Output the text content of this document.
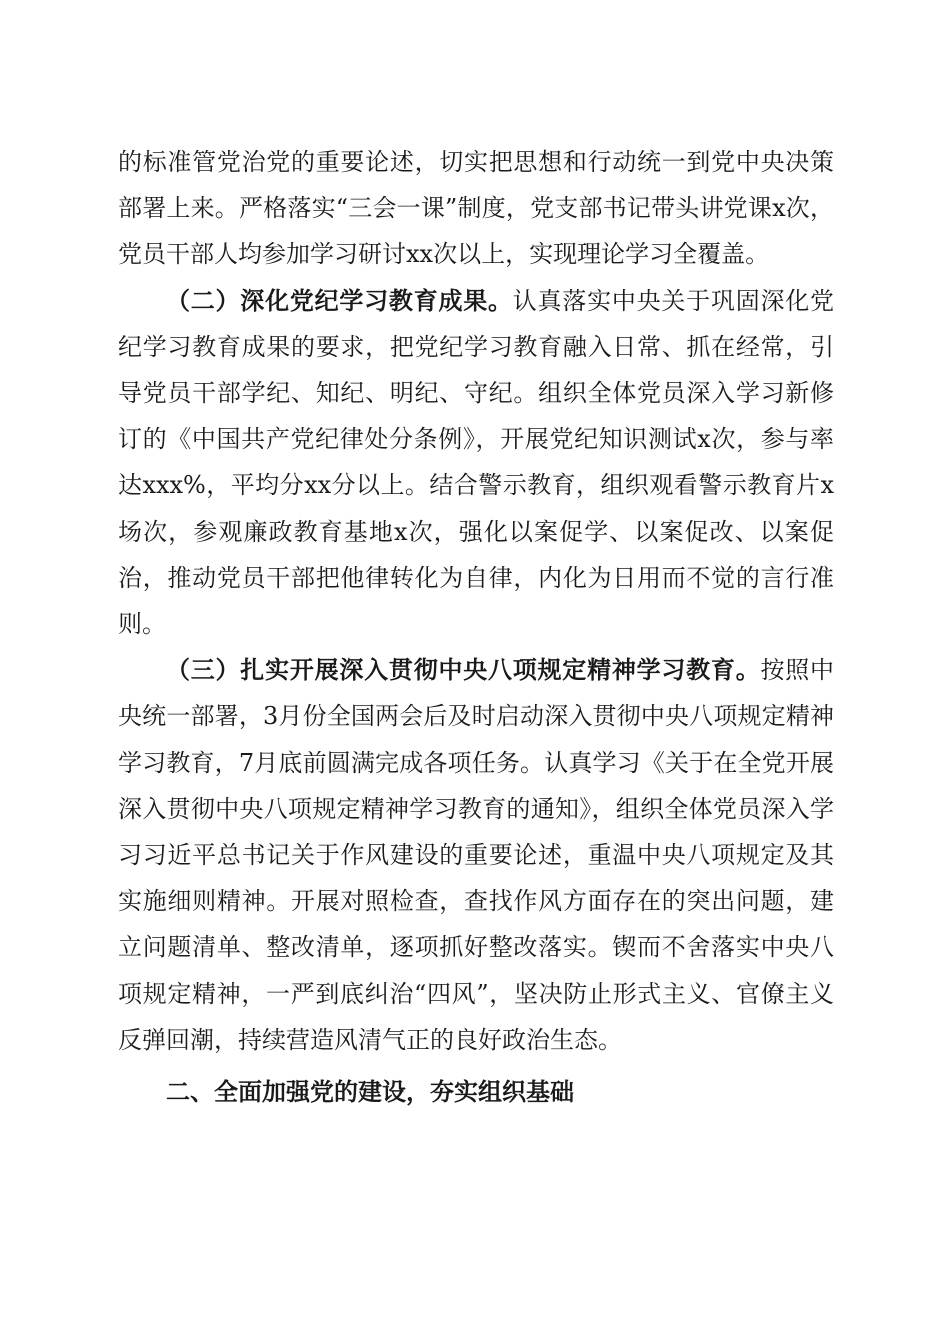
的标准管党治党的重要论述，切实把思想和行动统一到党中央决策部署上来。严格落实“三会一课”制度，党支部书记带头讲党课x次，党员干部人均参加学习研讨xx次以上，实现理论学习全覆盖。

（二）深化党纪学习教育成果。认真落实中央关于巩固深化党纪学习教育成果的要求，把党纪学习教育融入日常、抓在经常，引导党员干部学纪、知纪、明纪、守纪。组织全体党员深入学习新修订的《中国共产党纪律处分条例》，开展党纪知识测试x次，参与率达xxx%，平均分xx分以上。结合警示教育，组织观看警示教育片x场次，参观廉政教育基地x次，强化以案促学、以案促改、以案促治，推动党员干部把他律转化为自律，内化为日用而不觉的言行准则。

（三）扎实开展深入贯彻中央八项规定精神学习教育。按照中央统一部署，3月份全国两会后及时启动深入贯彻中央八项规定精神学习教育，7月底前圆满完成各项任务。认真学习《关于在全党开展深入贯彻中央八项规定精神学习教育的通知》，组织全体党员深入学习习近平总书记关于作风建设的重要论述，重温中央八项规定及其实施细则精神。开展对照检查，查找作风方面存在的突出问题，建立问题清单、整改清单，逐项抓好整改落实。锲而不舍落实中央八项规定精神，一严到底纠治“四风”，坚决防止形式主义、官僚主义反弹回潮，持续营造风清气正的良好政治生态。

二、全面加强党的建设，夯实组织基础
